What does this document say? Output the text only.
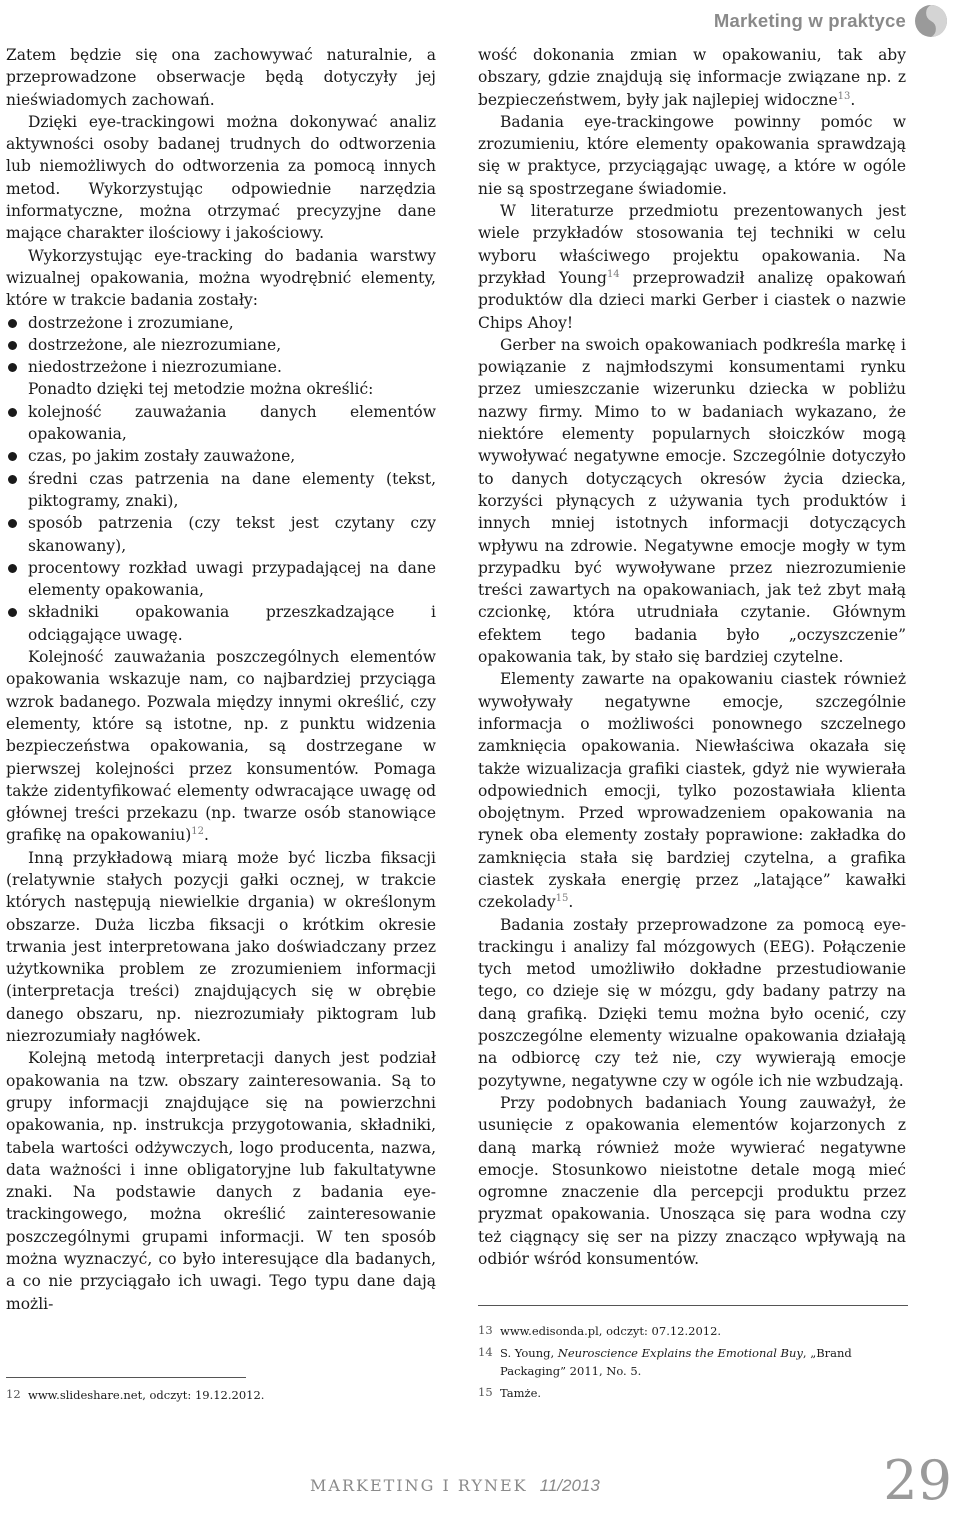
Marketing w praktyce

Zatem będzie się ona zachowywać naturalnie, a przeprowadzone obserwacje będą dotyczyły jej nieświadomych zachowań.

Dzięki eye-trackingowi można dokonywać analiz aktywności osoby badanej trudnych do odtworzenia lub niemożliwych do odtworzenia za pomocą innych metod. Wykorzystując odpowiednie narzędzia informatyczne, można otrzymać precyzyjne dane mające charakter ilościowy i jakościowy.

Wykorzystując eye-tracking do badania warstwy wizualnej opakowania, można wyodrębnić elementy, które w trakcie badania zostały:

dostrzeżone i zrozumiane,
dostrzeżone, ale niezrozumiane,
niedostrzeżone i niezrozumiane.

Ponadto dzięki tej metodzie można określić:

kolejność zauważania danych elementów opakowania,
czas, po jakim zostały zauważone,
średni czas patrzenia na dane elementy (tekst, piktogramy, znaki),
sposób patrzenia (czy tekst jest czytany czy skanowany),
procentowy rozkład uwagi przypadającej na dane elementy opakowania,
składniki opakowania przeszkadzające i odciągające uwagę.

Kolejność zauważania poszczególnych elementów opakowania wskazuje nam, co najbardziej przyciąga wzrok badanego. Pozwala między innymi określić, czy elementy, które są istotne, np. z punktu widzenia bezpieczeństwa opakowania, są dostrzegane w pierwszej kolejności przez konsumentów. Pomaga także zidentyfikować elementy odwracające uwagę od głównej treści przekazu (np. twarze osób stanowiące grafikę na opakowaniu)$^{12}$.

Inną przykładową miarą może być liczba fiksacji (relatywnie stałych pozycji gałki ocznej, w trakcie których następują niewielkie drgania) w określonym obszarze. Duża liczba fiksacji o krótkim okresie trwania jest interpretowana jako doświadczany przez użytkownika problem ze zrozumieniem informacji (interpretacja treści) znajdujących się w obrębie danego obszaru, np. niezrozumiały piktogram lub niezrozumiały nagłówek.

Kolejną metodą interpretacji danych jest podział opakowania na tzw. obszary zainteresowania. Są to grupy informacji znajdujące się na powierzchni opakowania, np. instrukcja przygotowania, składniki, tabela wartości odżywczych, logo producenta, nazwa, data ważności i inne obligatoryjne lub fakultatywne znaki. Na podstawie danych z badania eye-trackingowego, można określić zainteresowanie poszczególnymi grupami informacji. W ten sposób można wyznaczyć, co było interesujące dla badanych, a co nie przyciągało ich uwagi. Tego typu dane dają możli-

12 www.slideshare.net, odczyt: 19.12.2012.

wość dokonania zmian w opakowaniu, tak aby obszary, gdzie znajdują się informacje związane np. z bezpieczeństwem, były jak najlepiej widoczne$^{13}$.

Badania eye-trackingowe powinny pomóc w zrozumieniu, które elementy opakowania sprawdzają się w praktyce, przyciągając uwagę, a które w ogóle nie są spostrzegane świadomie.

W literaturze przedmiotu prezentowanych jest wiele przykładów stosowania tej techniki w celu wyboru właściwego projektu opakowania. Na przykład Young$^{14}$ przeprowadził analizę opakowań produktów dla dzieci marki Gerber i ciastek o nazwie Chips Ahoy!

Gerber na swoich opakowaniach podkreśla markę i powiązanie z najmłodszymi konsumentami rynku przez umieszczanie wizerunku dziecka w pobliżu nazwy firmy. Mimo to w badaniach wykazano, że niektóre elementy popularnych słoiczków mogą wywoływać negatywne emocje. Szczególnie dotyczyło to danych dotyczących okresów życia dziecka, korzyści płynących z używania tych produktów i innych mniej istotnych informacji dotyczących wpływu na zdrowie. Negatywne emocje mogły w tym przypadku być wywoływane przez niezrozumienie treści zawartych na opakowaniach, jak też zbyt małą czcionkę, która utrudniała czytanie. Głównym efektem tego badania było „oczyszczenie” opakowania tak, by stało się bardziej czytelne.

Elementy zawarte na opakowaniu ciastek również wywoływały negatywne emocje, szczególnie informacja o możliwości ponownego szczelnego zamknięcia opakowania. Niewłaściwa okazała się także wizualizacja grafiki ciastek, gdyż nie wywierała odpowiednich emocji, tylko pozostawiała klienta obojętnym. Przed wprowadzeniem opakowania na rynek oba elementy zostały poprawione: zakładka do zamknięcia stała się bardziej czytelna, a grafika ciastek zyskała energię przez „latające” kawałki czekolady$^{15}$.

Badania zostały przeprowadzone za pomocą eye-trackingu i analizy fal mózgowych (EEG). Połączenie tych metod umożliwiło dokładne przestudiowanie tego, co dzieje się w mózgu, gdy badany patrzy na daną grafiką. Dzięki temu można było ocenić, czy poszczególne elementy wizualne opakowania działają na odbiorcę czy też nie, czy wywierają emocje pozytywne, negatywne czy w ogóle ich nie wzbudzają.

Przy podobnych badaniach Young zauważył, że usunięcie z opakowania elementów kojarzonych z daną marką również może wywierać negatywne emocje. Stosunkowo nieistotne detale mogą mieć ogromne znaczenie dla percepcji produktu przez pryzmat opakowania. Unosząca się para wodna czy też ciągnący się ser na pizzy znacząco wpływają na odbiór wśród konsumentów.

13 www.edisonda.pl, odczyt: 07.12.2012.
14 S. Young, Neuroscience Explains the Emotional Buy, „Brand Packaging” 2011, No. 5.
15 Tamże.
MARKETING I RYNEK 11/2013	29
